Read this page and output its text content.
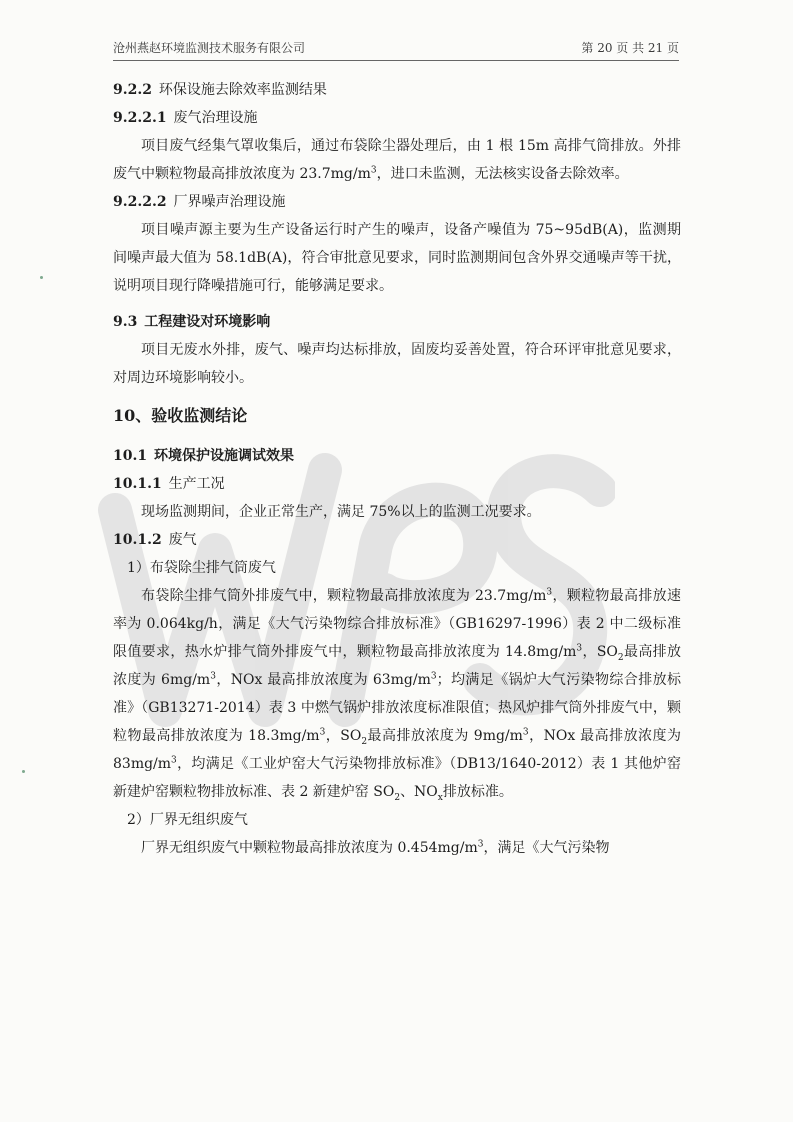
沧州燕赵环境监测技术服务有限公司	第 20 页 共 21 页

9.2.2 环保设施去除效率监测结果

9.2.2.1 废气治理设施

项目废气经集气罩收集后，通过布袋除尘器处理后，由 1 根 15m 高排气筒排放。外排废气中颗粒物最高排放浓度为 $23.7mg/m^3$，进口未监测，无法核实设备去除效率。

9.2.2.2 厂界噪声治理设施

项目噪声源主要为生产设备运行时产生的噪声，设备产噪值为 75~95dB(A)，监测期间噪声最大值为 58.1dB(A)，符合审批意见要求，同时监测期间包含外界交通噪声等干扰，说明项目现行降噪措施可行，能够满足要求。

9.3 工程建设对环境影响

项目无废水外排，废气、噪声均达标排放，固废均妥善处置，符合环评审批意见要求，对周边环境影响较小。

10、验收监测结论

10.1 环境保护设施调试效果

10.1.1 生产工况

现场监测期间，企业正常生产，满足 75%以上的监测工况要求。

10.1.2 废气

1）布袋除尘排气筒废气

布袋除尘排气筒外排废气中，颗粒物最高排放浓度为 $23.7mg/m^3$，颗粒物最高排放速率为 0.064kg/h，满足《大气污染物综合排放标准》（GB16297-1996）表 2 中二级标准限值要求，热水炉排气筒外排废气中，颗粒物最高排放浓度为 $14.8mg/m^3$，$SO_2$最高排放浓度为 $6mg/m^3$，NOx 最高排放浓度为 $63mg/m^3$；均满足《锅炉大气污染物综合排放标准》（GB13271-2014）表 3 中燃气锅炉排放浓度标准限值；热风炉排气筒外排废气中，颗粒物最高排放浓度为 $18.3mg/m^3$，$SO_2$最高排放浓度为 $9mg/m^3$，NOx 最高排放浓度为 $83mg/m^3$，均满足《工业炉窑大气污染物排放标准》（DB13/1640-2012）表 1 其他炉窑新建炉窑颗粒物排放标准、表 2 新建炉窑 $SO_2$、$NO_x$排放标准。

2）厂界无组织废气

厂界无组织废气中颗粒物最高排放浓度为 $0.454mg/m^3$，满足《大气污染物
